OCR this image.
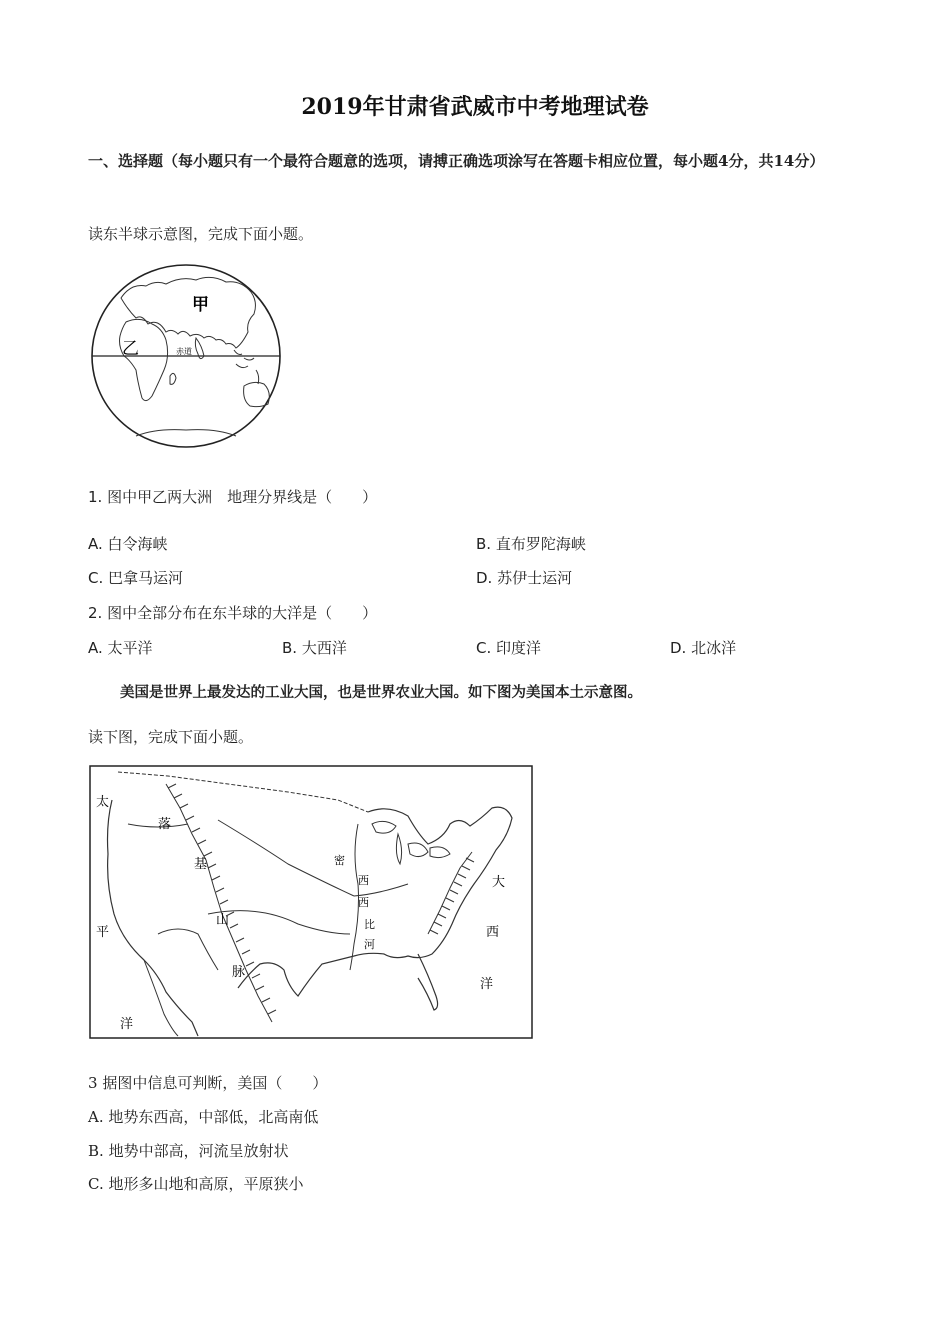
2019年甘肃省武威市中考地理试卷
一、选择题（每小题只有一个最符合题意的选项，请搏正确选项涂写在答题卡相应位置，每小题4分，共14分）
读东半球示意图，完成下面小题。
甲
乙	赤道
1. 图中甲乙两大洲　地理分界线是（　　）
A. 白令海峡	B. 直布罗陀海峡
C. 巴拿马运河	D. 苏伊士运河
2. 图中全部分布在东半球的大洋是（　　）
A. 太平洋	B. 大西洋	C. 印度洋	D. 北冰洋
美国是世界上最发达的工业大国，也是世界农业大国。如下图为美国本土示意图。
读下图，完成下面小题。
太
平
洋
大
西
洋
落
基
山
脉
密
西
西
比
河
3 据图中信息可判断，美国（　　）
A. 地势东西高，中部低，北高南低
B. 地势中部高，河流呈放射状
C. 地形多山地和高原，平原狭小
